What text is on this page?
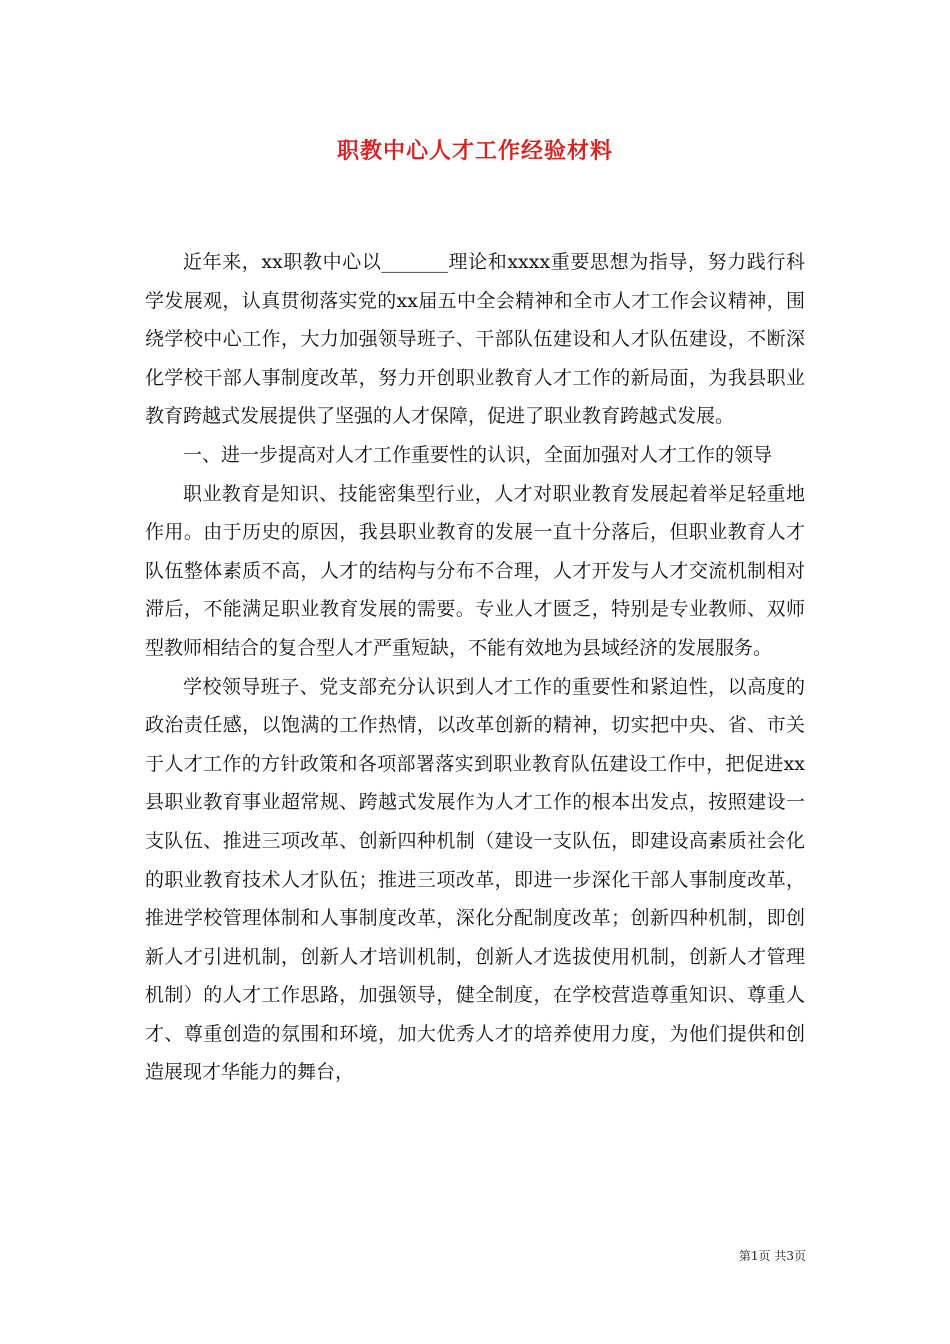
职教中心人才工作经验材料

近年来，xx职教中心以_______理论和xxxx重要思想为指导，努力践行科学发展观，认真贯彻落实党的xx届五中全会精神和全市人才工作会议精神，围绕学校中心工作，大力加强领导班子、干部队伍建设和人才队伍建设，不断深化学校干部人事制度改革，努力开创职业教育人才工作的新局面，为我县职业教育跨越式发展提供了坚强的人才保障，促进了职业教育跨越式发展。

一、进一步提高对人才工作重要性的认识，全面加强对人才工作的领导

职业教育是知识、技能密集型行业，人才对职业教育发展起着举足轻重地作用。由于历史的原因，我县职业教育的发展一直十分落后，但职业教育人才队伍整体素质不高，人才的结构与分布不合理，人才开发与人才交流机制相对滞后，不能满足职业教育发展的需要。专业人才匮乏，特别是专业教师、双师型教师相结合的复合型人才严重短缺，不能有效地为县域经济的发展服务。

学校领导班子、党支部充分认识到人才工作的重要性和紧迫性，以高度的政治责任感，以饱满的工作热情，以改革创新的精神，切实把中央、省、市关于人才工作的方针政策和各项部署落实到职业教育队伍建设工作中，把促进xx县职业教育事业超常规、跨越式发展作为人才工作的根本出发点，按照建设一支队伍、推进三项改革、创新四种机制（建设一支队伍，即建设高素质社会化的职业教育技术人才队伍；推进三项改革，即进一步深化干部人事制度改革，推进学校管理体制和人事制度改革，深化分配制度改革；创新四种机制，即创新人才引进机制，创新人才培训机制，创新人才选拔使用机制，创新人才管理机制）的人才工作思路，加强领导，健全制度，在学校营造尊重知识、尊重人才、尊重创造的氛围和环境，加大优秀人才的培养使用力度，为他们提供和创造展现才华能力的舞台，

第1页 共3页
